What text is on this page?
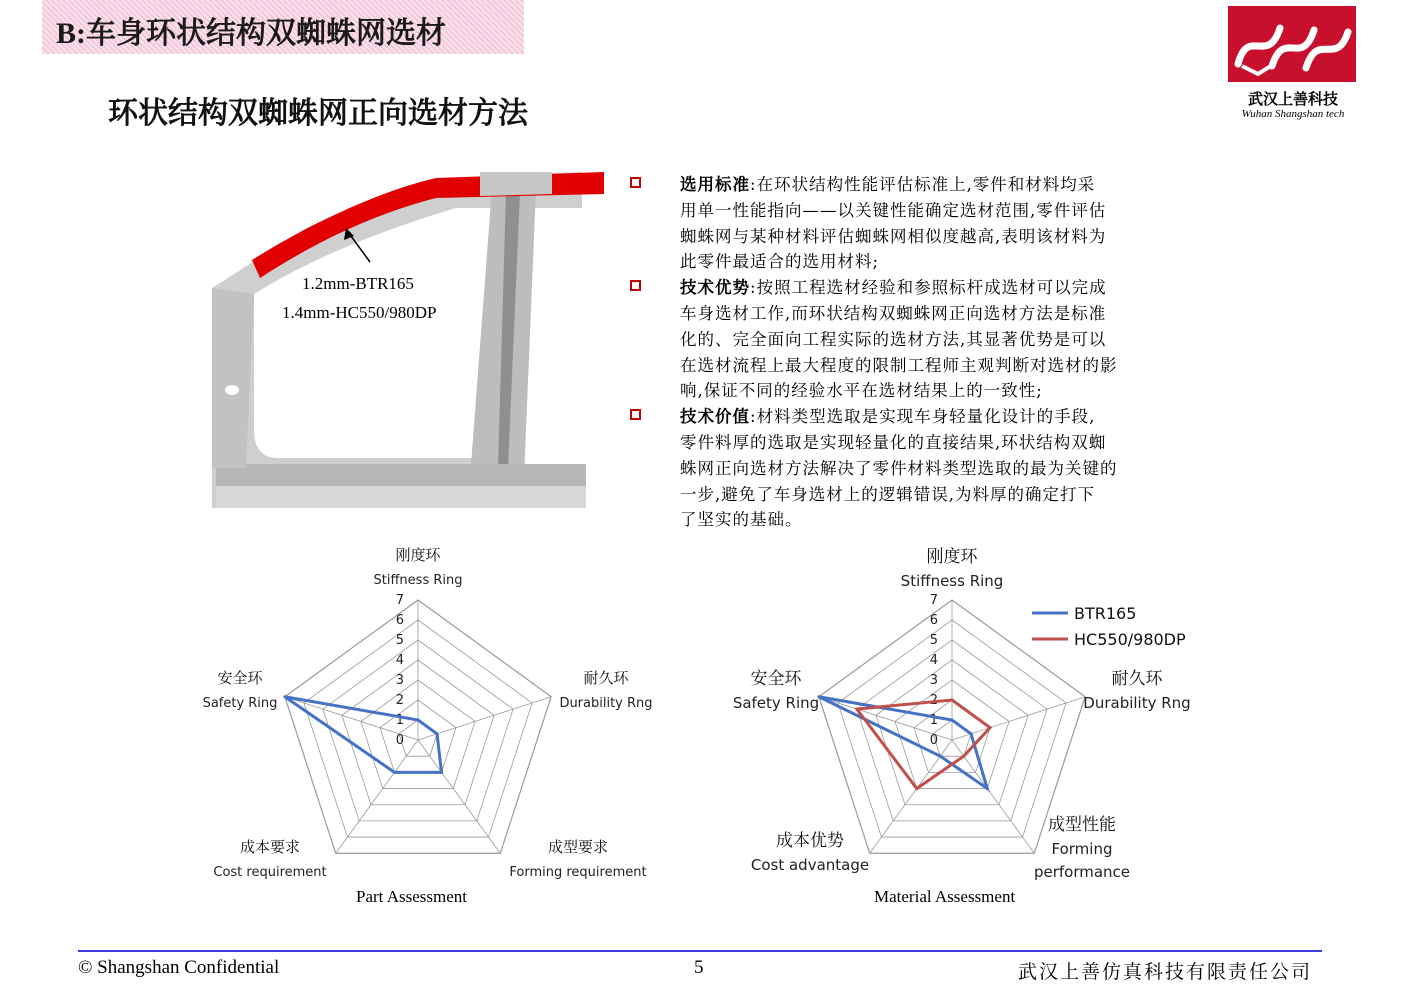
B:车身环状结构双蜘蛛网选材
环状结构双蜘蛛网正向选材方法	武汉上善科技
Wuhan Shangshan tech
1.2mm-BTR165
1.4mm-HC550/980DP
选用标准:在环状结构性能评估标准上,零件和材料均采
用单一性能指向——以关键性能确定选材范围,零件评估
蜘蛛网与某种材料评估蜘蛛网相似度越高,表明该材料为
此零件最适合的选用材料;
技术优势:按照工程选材经验和参照标杆成选材可以完成
车身选材工作,而环状结构双蜘蛛网正向选材方法是标准
化的、完全面向工程实际的选材方法,其显著优势是可以
在选材流程上最大程度的限制工程师主观判断对选材的影
响,保证不同的经验水平在选材结果上的一致性;
技术价值:材料类型选取是实现车身轻量化设计的手段,
零件料厚的选取是实现轻量化的直接结果,环状结构双蜘
蛛网正向选材方法解决了零件材料类型选取的最为关键的
一步,避免了车身选材上的逻辑错误,为料厚的确定打下
了坚实的基础。
0
1
2
3
4
5
6
7
刚度环
Stiffness Ring
耐久环
Durability Rng
成型要求
Forming requirement
成本要求
Cost requirement
安全环
Safety Ring
0
1
2
3
4
5
6
7
刚度环
Stiffness Ring
耐久环
Durability Rng
成型性能
Forming
performance
成本优势
Cost advantage
安全环
Safety Ring
BTR165
HC550/980DP
Part Assessment	Material Assessment
© Shangshan Confidential	5	武汉上善仿真科技有限责任公司
